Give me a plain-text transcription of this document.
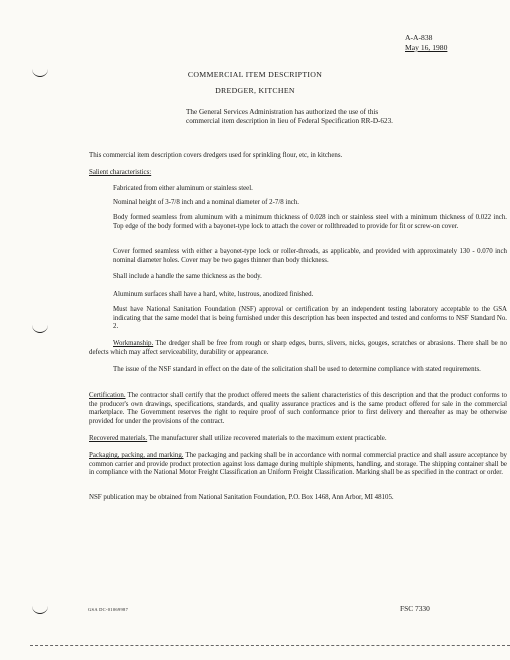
A-A-838
May 16, 1980
COMMERCIAL ITEM DESCRIPTION
DREDGER, KITCHEN
The General Services Administration has authorized the use of this commercial item description in lieu of Federal Specification RR-D-623.
This commercial item description covers dredgers used for sprinkling flour, etc, in kitchens.
Salient characteristics:
Fabricated from either aluminum or stainless steel.
Nominal height of 3-7/8 inch and a nominal diameter of 2-7/8 inch.
Body formed seamless from aluminum with a minimum thickness of 0.028 inch or stainless steel with a minimum thickness of 0.022 inch. Top edge of the body formed with a bayonet-type lock to attach the cover or rollthreaded to provide for fit or screw-on cover.
Cover formed seamless with either a bayonet-type lock or roller-threads, as applicable, and provided with approximately 130 - 0.070 inch nominal diameter holes. Cover may be two gages thinner than body thickness.
Shall include a handle the same thickness as the body.
Aluminum surfaces shall have a hard, white, lustrous, anodized finished.
Must have National Sanitation Foundation (NSF) approval or certification by an independent testing laboratory acceptable to the GSA indicating that the same model that is being furnished under this description has been inspected and tested and conforms to NSF Standard No. 2.
Workmanship. The dredger shall be free from rough or sharp edges, burrs, slivers, nicks, gouges, scratches or abrasions. There shall be no defects which may affect serviceability, durability or appearance.
The issue of the NSF standard in effect on the date of the solicitation shall be used to determine compliance with stated requirements.
Certification. The contractor shall certify that the product offered meets the salient characteristics of this description and that the product conforms to the producer's own drawings, specifications, standards, and quality assurance practices and is the same product offered for sale in the commercial marketplace. The Government reserves the right to require proof of such conformance prior to first delivery and thereafter as may be otherwise provided for under the provisions of the contract.
Recovered materials. The manufacturer shall utilize recovered materials to the maximum extent practicable.
Packaging, packing, and marking. The packaging and packing shall be in accordance with normal commercial practice and shall assure acceptance by common carrier and provide product protection against loss damage during multiple shipments, handling, and storage. The shipping container shall be in compliance with the National Motor Freight Classification an Uniform Freight Classification. Marking shall be as specified in the contract or order.
NSF publication may be obtained from National Sanitation Foundation, P.O. Box 1468, Ann Arbor, MI 48105.
GSA DC-01069987	FSC 7330
